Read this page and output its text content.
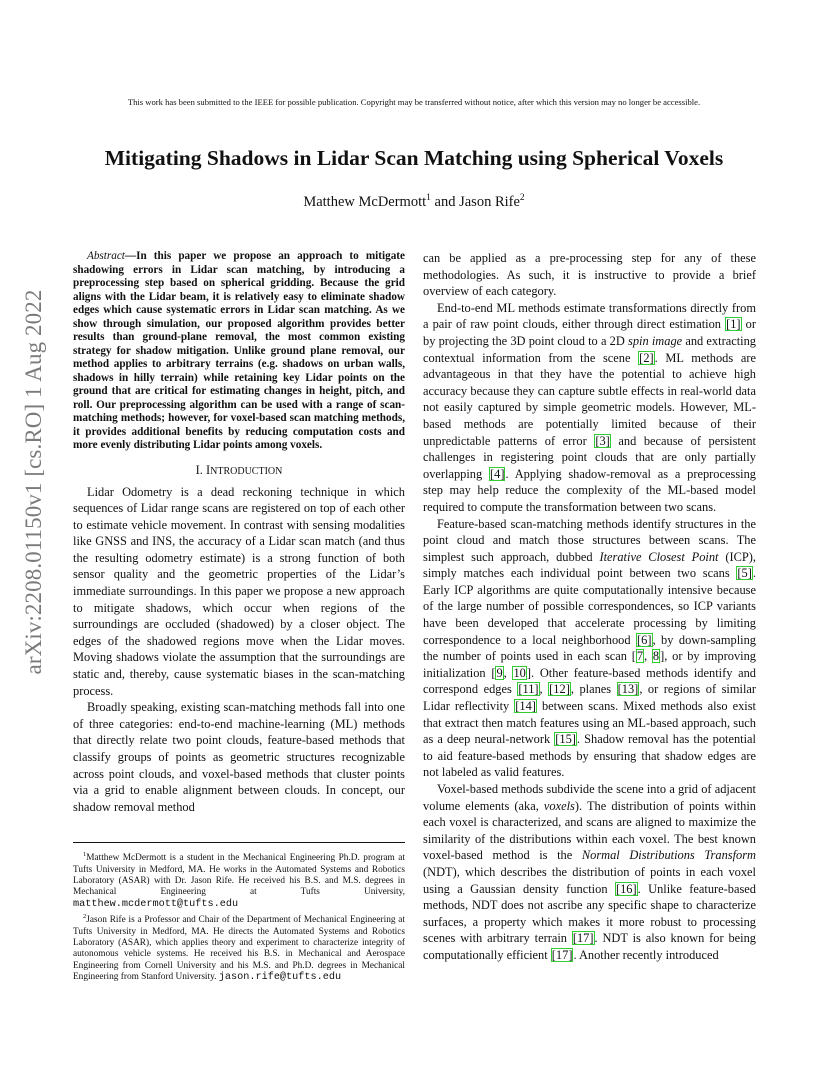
This work has been submitted to the IEEE for possible publication. Copyright may be transferred without notice, after which this version may no longer be accessible.
arXiv:2208.01150v1 [cs.RO] 1 Aug 2022
Mitigating Shadows in Lidar Scan Matching using Spherical Voxels
Matthew McDermott$^1$ and Jason Rife$^2$

Abstract—In this paper we propose an approach to mitigate shadowing errors in Lidar scan matching, by introducing a preprocessing step based on spherical gridding. Because the grid aligns with the Lidar beam, it is relatively easy to eliminate shadow edges which cause systematic errors in Lidar scan matching. As we show through simulation, our proposed algorithm provides better results than ground-plane removal, the most common existing strategy for shadow mitigation. Unlike ground plane removal, our method applies to arbitrary terrains (e.g. shadows on urban walls, shadows in hilly terrain) while retaining key Lidar points on the ground that are critical for estimating changes in height, pitch, and roll. Our preprocessing algorithm can be used with a range of scan-matching methods; however, for voxel-based scan matching methods, it provides additional benefits by reducing computation costs and more evenly distributing Lidar points among voxels.

I. INTRODUCTION

Lidar Odometry is a dead reckoning technique in which sequences of Lidar range scans are registered on top of each other to estimate vehicle movement. In contrast with sensing modalities like GNSS and INS, the accuracy of a Lidar scan match (and thus the resulting odometry estimate) is a strong function of both sensor quality and the geometric properties of the Lidar’s immediate surroundings. In this paper we propose a new approach to mitigate shadows, which occur when regions of the surroundings are occluded (shadowed) by a closer object. The edges of the shadowed regions move when the Lidar moves. Moving shadows violate the assumption that the surroundings are static and, thereby, cause systematic biases in the scan-matching process.

Broadly speaking, existing scan-matching methods fall into one of three categories: end-to-end machine-learning (ML) methods that directly relate two point clouds, feature-based methods that classify groups of points as geometric structures recognizable across point clouds, and voxel-based methods that cluster points via a grid to enable alignment between clouds. In concept, our shadow removal method

$^1$Matthew McDermott is a student in the Mechanical Engineering Ph.D. program at Tufts University in Medford, MA. He works in the Automated Systems and Robotics Laboratory (ASAR) with Dr. Jason Rife. He received his B.S. and M.S. degrees in Mechanical Engineering at Tufts University, matthew.mcdermott@tufts.edu

$^2$Jason Rife is a Professor and Chair of the Department of Mechanical Engineering at Tufts University in Medford, MA. He directs the Automated Systems and Robotics Laboratory (ASAR), which applies theory and experiment to characterize integrity of autonomous vehicle systems. He received his B.S. in Mechanical and Aerospace Engineering from Cornell University and his M.S. and Ph.D. degrees in Mechanical Engineering from Stanford University. jason.rife@tufts.edu

can be applied as a pre-processing step for any of these methodologies. As such, it is instructive to provide a brief overview of each category.

End-to-end ML methods estimate transformations directly from a pair of raw point clouds, either through direct estimation [1] or by projecting the 3D point cloud to a 2D spin image and extracting contextual information from the scene [2]. ML methods are advantageous in that they have the potential to achieve high accuracy because they can capture subtle effects in real-world data not easily captured by simple geometric models. However, ML-based methods are potentially limited because of their unpredictable patterns of error [3] and because of persistent challenges in registering point clouds that are only partially overlapping [4]. Applying shadow-removal as a preprocessing step may help reduce the complexity of the ML-based model required to compute the transformation between two scans.

Feature-based scan-matching methods identify structures in the point cloud and match those structures between scans. The simplest such approach, dubbed Iterative Closest Point (ICP), simply matches each individual point between two scans [5]. Early ICP algorithms are quite computationally intensive because of the large number of possible correspondences, so ICP variants have been developed that accelerate processing by limiting correspondence to a local neighborhood [6], by down-sampling the number of points used in each scan [7, 8], or by improving initialization [9, 10]. Other feature-based methods identify and correspond edges [11], [12], planes [13], or regions of similar Lidar reflectivity [14] between scans. Mixed methods also exist that extract then match features using an ML-based approach, such as a deep neural-network [15]. Shadow removal has the potential to aid feature-based methods by ensuring that shadow edges are not labeled as valid features.

Voxel-based methods subdivide the scene into a grid of adjacent volume elements (aka, voxels). The distribution of points within each voxel is characterized, and scans are aligned to maximize the similarity of the distributions within each voxel. The best known voxel-based method is the Normal Distributions Transform (NDT), which describes the distribution of points in each voxel using a Gaussian density function [16]. Unlike feature-based methods, NDT does not ascribe any specific shape to characterize surfaces, a property which makes it more robust to processing scenes with arbitrary terrain [17]. NDT is also known for being computationally efficient [17]. Another recently introduced
